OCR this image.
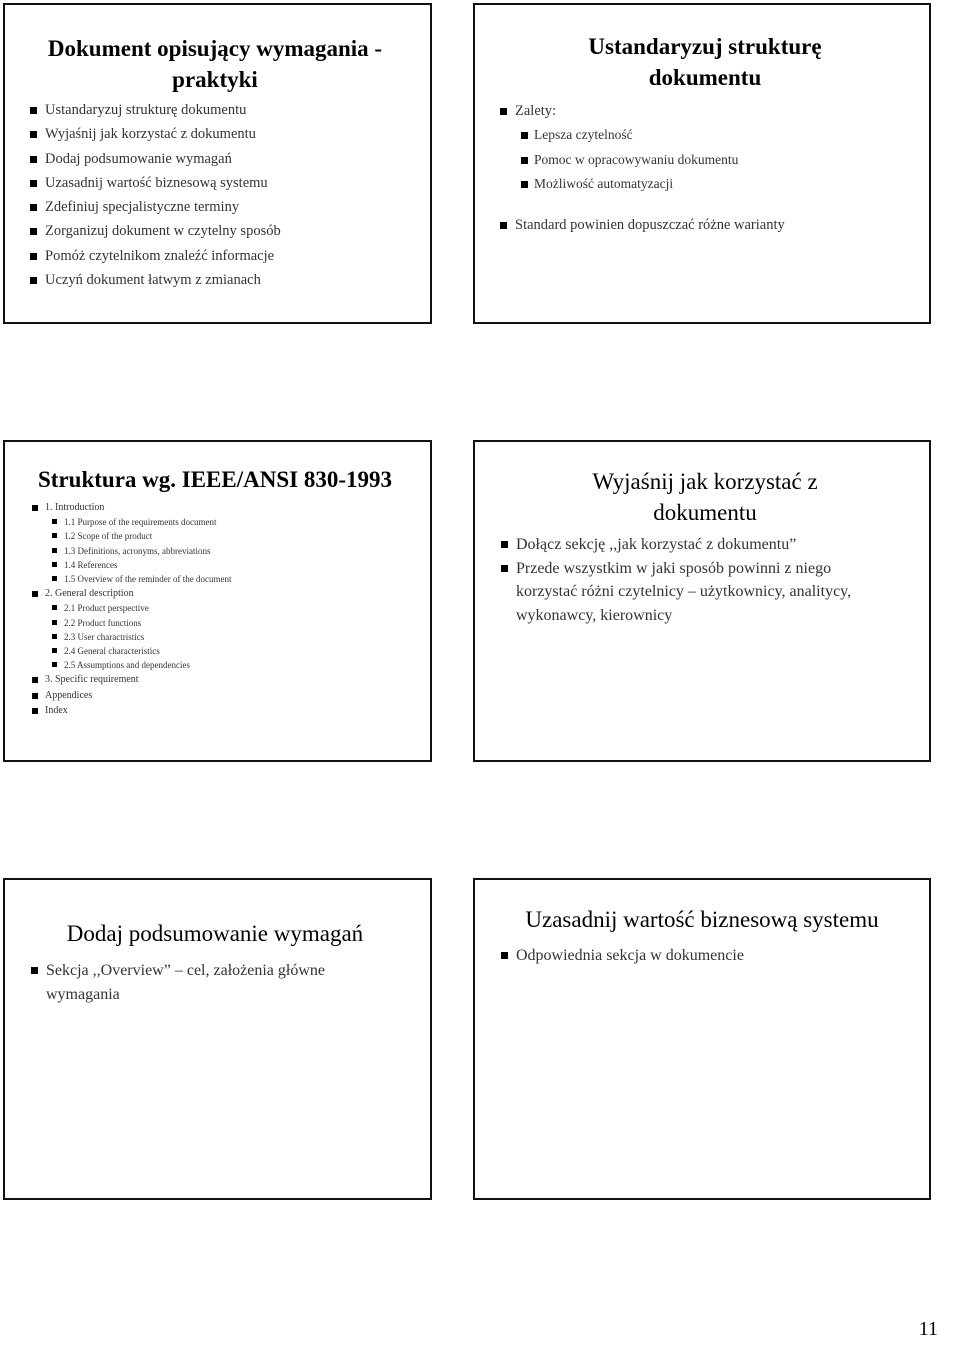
Dokument opisujący wymagania - praktyki
Ustandaryzuj strukturę dokumentu
Wyjaśnij jak korzystać z dokumentu
Dodaj podsumowanie wymagań
Uzasadnij wartość biznesową systemu
Zdefiniuj specjalistyczne terminy
Zorganizuj dokument w czytelny sposób
Pomóż czytelnikom znaleźć informacje
Uczyń dokument łatwym z zmianach
Ustandaryzuj strukturę dokumentu
Zalety:
Lepsza czytelność
Pomoc w opracowywaniu dokumentu
Możliwość automatyzacji
Standard powinien dopuszczać różne warianty
Struktura wg. IEEE/ANSI 830-1993
1. Introduction
1.1 Purpose of the requirements document
1.2 Scope of the product
1.3 Definitions, acronyms, abbreviations
1.4 References
1.5 Overview of the reminder of the document
2. General description
2.1 Product perspective
2.2 Product functions
2.3 User charactristics
2.4 General characteristics
2.5 Assumptions and dependencies
3. Specific requirement
Appendices
Index
Wyjaśnij jak korzystać z dokumentu
Dołącz sekcję ,,jak korzystać z dokumentu”
Przede wszystkim w jaki sposób powinni z niego korzystać różni czytelnicy – użytkownicy, analitycy, wykonawcy, kierownicy
Dodaj podsumowanie wymagań
Sekcja ,,Overview” – cel, założenia główne wymagania
Uzasadnij wartość biznesową systemu
Odpowiednia sekcja w dokumencie
11
